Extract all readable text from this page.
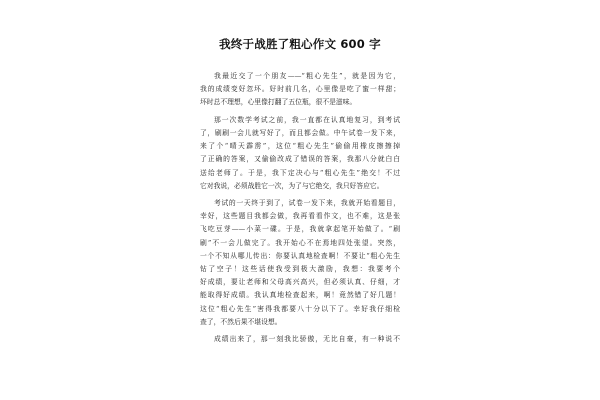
我终于战胜了粗心作文 600 字
我最近交了一个朋友——“粗心先生”，就是因为它，
我的成绩变好忽坏。好时前几名，心里像是吃了蜜一样甜；
坏时总不理想，心里像打翻了五位瓶，很不是滋味。
那一次数学考试之前，我一直都在认真地复习，到考试
了，刷刷一会儿就写好了，而且都会做。中午试卷一发下来，
来了个“晴天霹雳”，这位“粗心先生”偷偷用橡皮擦擦掉
了正确的答案，又偷偷改成了错误的答案，我那八分就白白
送给老师了。于是，我下定决心与“粗心先生”绝交！不过
它对我说，必须战胜它一次，为了与它绝交，我只好答应它。
考试的一天终于到了，试卷一发下来，我就开始看题目，
幸好，这些题目我都会做，我再看看作文，也不难，这是张
飞吃豆芽——小菜一碟。于是，我就拿起笔开始做了。“刷
刷”不一会儿做完了。我开始心不在焉地四处张望。突然，
一个不知从哪儿传出：你要认真地检查啊！不要让“粗心先生
钻了空子！这些话使我受到极大激励，我想：我要考个
好成绩，要让老师和父母高兴高兴，但必须认真、仔细，才
能取得好成绩。我认真地检查起来，啊！竟然错了好几题！
这位“粗心先生”害得我都要八十分以下了。幸好我仔细检
查了，不然后果不堪设想。
成绩出来了，那一刻我比骄傲，无比自豪，有一种说不
